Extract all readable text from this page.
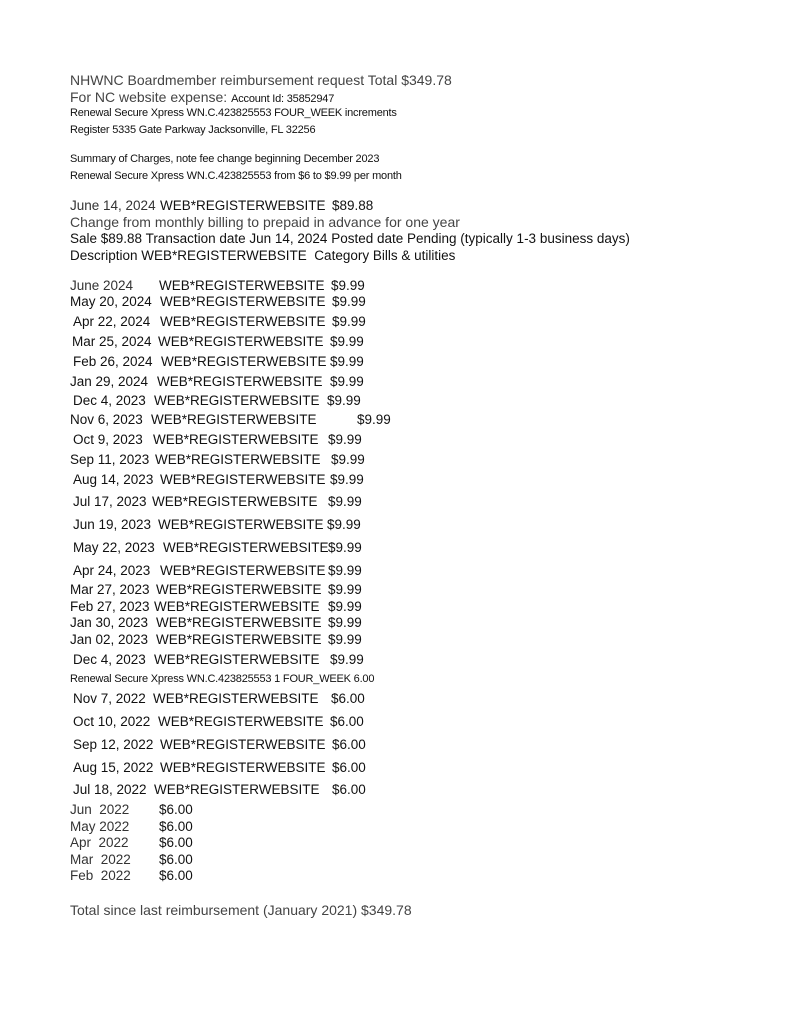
NHWNC Boardmember reimbursement request Total $349.78
For NC website expense: Account Id: 35852947
Renewal Secure Xpress WN.C.423825553 FOUR_WEEK increments
Register 5335 Gate Parkway Jacksonville, FL 32256
Summary of Charges, note fee change beginning December 2023
Renewal Secure Xpress WN.C.423825553 from $6 to $9.99 per month
June 14, 2024 WEB*REGISTERWEBSITE $89.88
Change from monthly billing to prepaid in advance for one year
Sale $89.88 Transaction date Jun 14, 2024 Posted date Pending (typically 1-3 business days)
Description WEB*REGISTERWEBSITE  Category Bills & utilities
June 2024 WEB*REGISTERWEBSITE $9.99
May 20, 2024 WEB*REGISTERWEBSITE $9.99
Apr 22, 2024 WEB*REGISTERWEBSITE $9.99
Mar 25, 2024 WEB*REGISTERWEBSITE $9.99
Feb 26, 2024 WEB*REGISTERWEBSITE $9.99
Jan 29, 2024 WEB*REGISTERWEBSITE $9.99
Dec 4, 2023 WEB*REGISTERWEBSITE $9.99
Nov 6, 2023 WEB*REGISTERWEBSITE	$9.99
Oct 9, 2023 WEB*REGISTERWEBSITE $9.99
Sep 11, 2023 WEB*REGISTERWEBSITE $9.99
Aug 14, 2023 WEB*REGISTERWEBSITE $9.99
Jul 17, 2023 WEB*REGISTERWEBSITE $9.99
Jun 19, 2023 WEB*REGISTERWEBSITE $9.99
May 22, 2023 WEB*REGISTERWEBSITE $9.99
Apr 24, 2023 WEB*REGISTERWEBSITE $9.99
Mar 27, 2023 WEB*REGISTERWEBSITE $9.99
Feb 27, 2023 WEB*REGISTERWEBSITE $9.99
Jan 30, 2023 WEB*REGISTERWEBSITE $9.99
Jan 02, 2023 WEB*REGISTERWEBSITE $9.99
Dec 4, 2023 WEB*REGISTERWEBSITE $9.99
Renewal Secure Xpress WN.C.423825553 1 FOUR_WEEK 6.00
Nov 7, 2022 WEB*REGISTERWEBSITE $6.00
Oct 10, 2022 WEB*REGISTERWEBSITE $6.00
Sep 12, 2022 WEB*REGISTERWEBSITE $6.00
Aug 15, 2022 WEB*REGISTERWEBSITE $6.00
Jul 18, 2022 WEB*REGISTERWEBSITE $6.00
Jun  2022 $6.00
May 2022 $6.00
Apr  2022 $6.00
Mar  2022 $6.00
Feb  2022 $6.00
Total since last reimbursement (January 2021) $349.78
